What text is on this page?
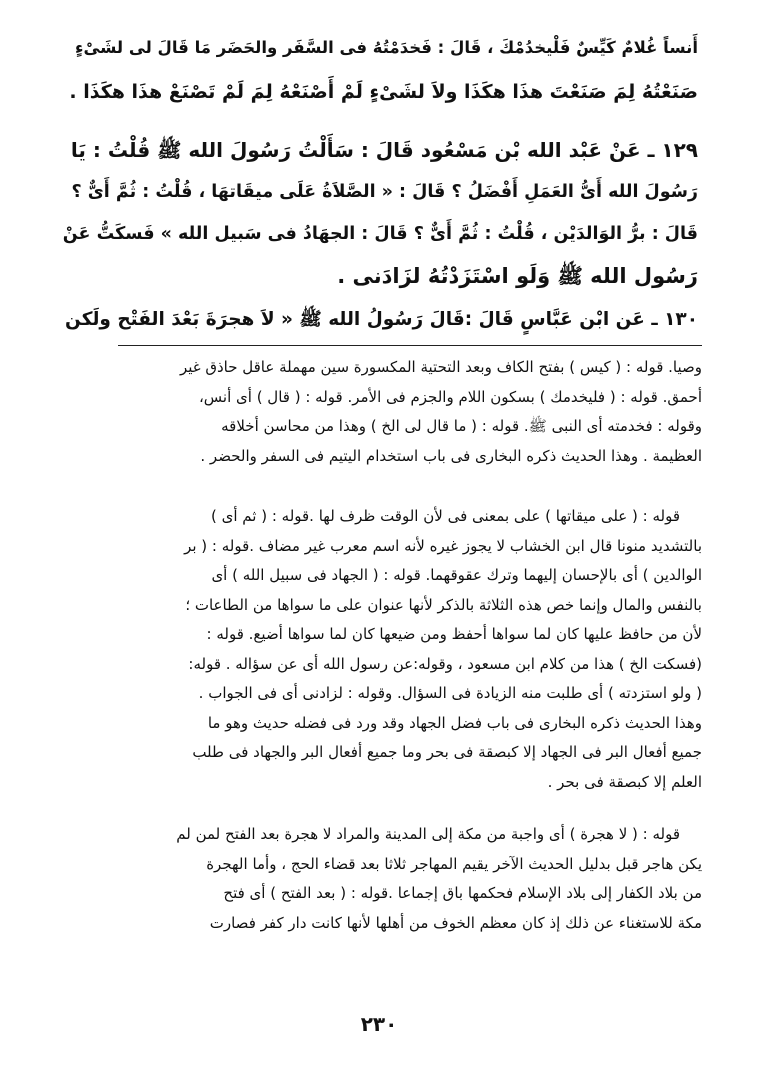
أَنساً غُلامٌ كَيِّسٌ فَلْيخدُمْكَ ، قَالَ : فَخدَمْتُهُ فى السَّفَر والحَضَر مَا قَالَ لى لشَىْءٍ
صَنَعْتُهُ لِمَ صَنَعْتَ هذَا هكَذَا ولاَ لشَىْءٍ لَمْ أَصْنَعْهُ لِمَ لَمْ تَصْنَعْ هذَا هكَذَا .
١٢٩ ـ عَنْ عَبْد الله بْن مَسْعُود قَالَ : سَأَلْتُ رَسُولَ الله ﷺ قُلْتُ : يَا
رَسُولَ الله أَىُّ العَمَلِ أَفْضَلُ ؟ قَالَ : « الصَّلاَةُ عَلَى ميقَاتهَا ، قُلْتُ : ثُمَّ أَىٌّ ؟
قَالَ : برُّ الوَالدَيْن ، قُلْتُ : ثُمَّ أَىٌّ ؟ قَالَ : الجهَادُ فى سَبيل الله » فَسكَتُّ عَنْ
رَسُول الله ﷺ وَلَو اسْتَزَدْتُهُ لزَادَنى .
١٣٠ ـ عَن ابْن عَبَّاسٍ قَالَ :قَالَ رَسُولُ الله ﷺ « لاَ هجرَةَ بَعْدَ الفَتْح ولَكن
وصيا. قوله : ( كيس ) بفتح الكاف وبعد التحتية المكسورة سين مهملة عاقل حاذق غير
أحمق. قوله : ( فليخدمك ) بسكون اللام والجزم فى الأمر. قوله : ( قال ) أى أنس،
وقوله : فخدمته أى النبى ﷺ. قوله : ( ما قال لى الخ ) وهذا من محاسن أخلاقه
العظيمة . وهذا الحديث ذكره البخارى فى باب استخدام اليتيم فى السفر والحضر .
قوله : ( على ميقاتها ) على بمعنى فى لأن الوقت ظرف لها .قوله : ( ثم أى )
بالتشديد منونا قال ابن الخشاب لا يجوز غيره لأنه اسم معرب غير مضاف .قوله : ( بر
الوالدين ) أى بالإحسان إليهما وترك عقوقهما. قوله : ( الجهاد فى سبيل الله ) أى
بالنفس والمال وإنما خص هذه الثلاثة بالذكر لأنها عنوان على ما سواها من الطاعات ؛
لأن من حافظ عليها كان لما سواها أحفظ ومن ضيعها كان لما سواها أضيع. قوله :
(فسكت الخ ) هذا من كلام ابن مسعود ، وقوله:عن رسول الله أى عن سؤاله . قوله:
( ولو استزدته ) أى طلبت منه الزيادة فى السؤال. وقوله : لزادنى أى فى الجواب .
وهذا الحديث ذكره البخارى فى باب فضل الجهاد وقد ورد فى فضله حديث وهو ما
جميع أفعال البر فى الجهاد إلا كبصقة فى بحر وما جميع أفعال البر والجهاد فى طلب
العلم إلا كبصقة فى بحر .
قوله : ( لا هجرة ) أى واجبة من مكة إلى المدينة والمراد لا هجرة بعد الفتح لمن لم
يكن هاجر قبل بدليل الحديث الآخر يقيم المهاجر ثلاثا بعد قضاء الحج ، وأما الهجرة
من بلاد الكفار إلى بلاد الإسلام فحكمها باق إجماعا .قوله : ( بعد الفتح ) أى فتح
مكة للاستغناء عن ذلك إذ كان معظم الخوف من أهلها لأنها كانت دار كفر فصارت
٢٣٠
